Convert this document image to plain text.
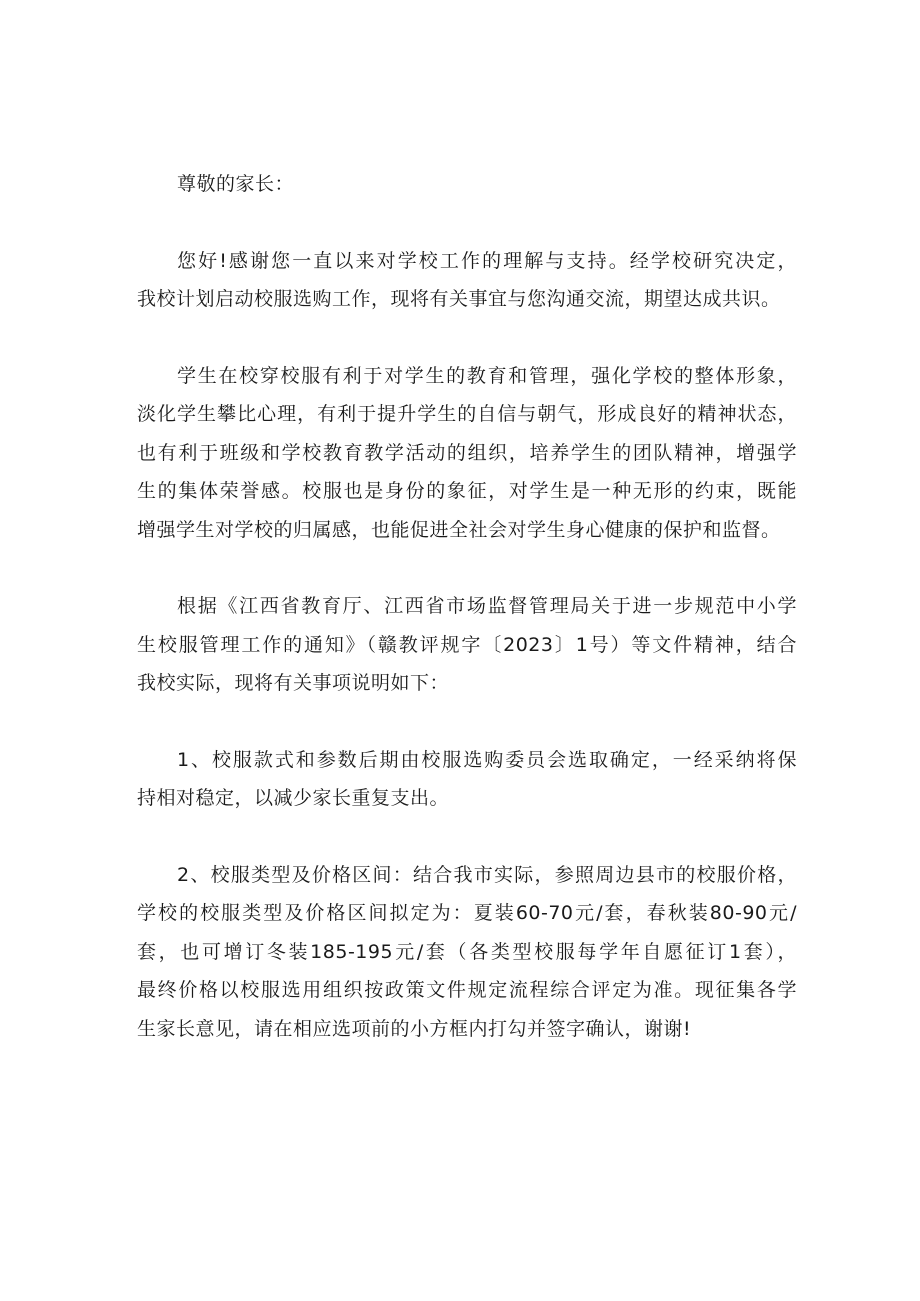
尊敬的家长：

您好!感谢您一直以来对学校工作的理解与支持。经学校研究决定，
我校计划启动校服选购工作，现将有关事宜与您沟通交流，期望达成共识。
学生在校穿校服有利于对学生的教育和管理，强化学校的整体形象，
淡化学生攀比心理，有利于提升学生的自信与朝气，形成良好的精神状态，
也有利于班级和学校教育教学活动的组织，培养学生的团队精神，增强学
生的集体荣誉感。校服也是身份的象征，对学生是一种无形的约束，既能
增强学生对学校的归属感，也能促进全社会对学生身心健康的保护和监督。
根据《江西省教育厅、江西省市场监督管理局关于进一步规范中小学
生校服管理工作的通知》（赣教评规字〔2023〕1号）等文件精神，结合
我校实际，现将有关事项说明如下：
1、校服款式和参数后期由校服选购委员会选取确定，一经采纳将保
持相对稳定，以减少家长重复支出。
2、校服类型及价格区间：结合我市实际，参照周边县市的校服价格，
学校的校服类型及价格区间拟定为：夏装60-70元/套，春秋装80-90元/
套，也可增订冬装185-195元/套（各类型校服每学年自愿征订1套），
最终价格以校服选用组织按政策文件规定流程综合评定为准。现征集各学
生家长意见，请在相应选项前的小方框内打勾并签字确认，谢谢!
